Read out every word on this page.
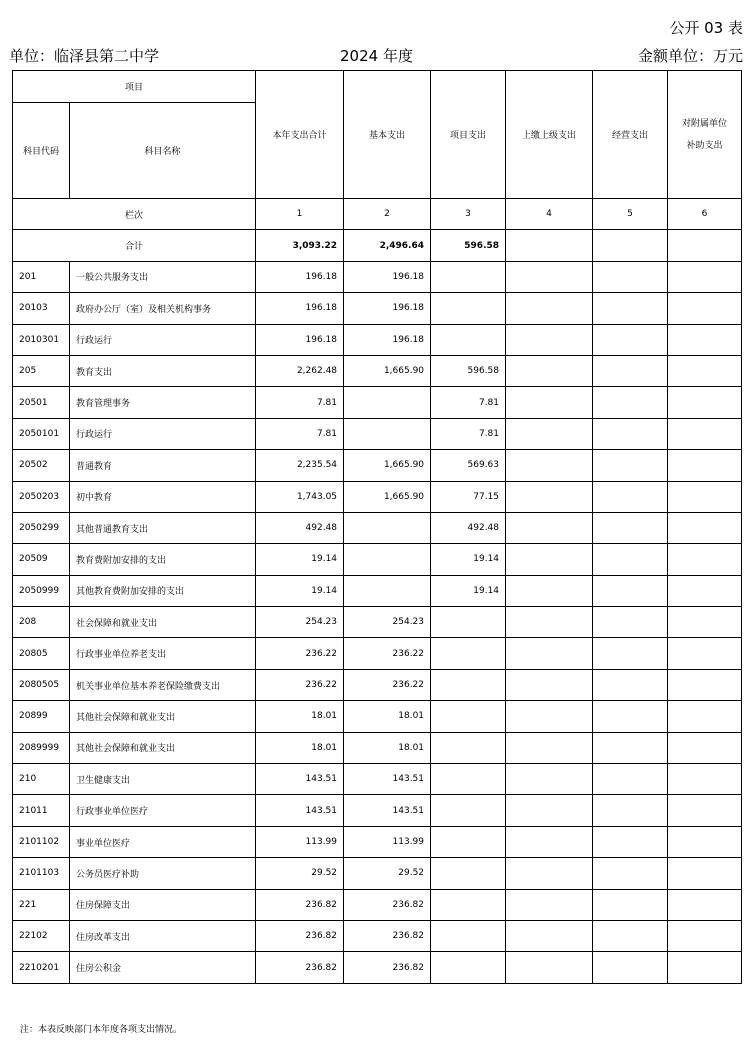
公开 03 表
单位：临泽县第二中学	2024 年度	金额单位：万元
项目		本年支出合计	基本支出	项目支出	上缴上级支出	经营支出	对附属单位
补助支出

科目代码	科目名称						
栏次		1	2	3	4	5	6
合计		3,093.22	2,496.64	596.58			
201	一般公共服务支出	196.18	196.18				
20103	政府办公厅（室）及相关机构事务	196.18	196.18				
2010301	行政运行	196.18	196.18				
205	教育支出	2,262.48	1,665.90	596.58			
20501	教育管理事务	7.81		7.81			
2050101	行政运行	7.81		7.81			
20502	普通教育	2,235.54	1,665.90	569.63			
2050203	初中教育	1,743.05	1,665.90	77.15			
2050299	其他普通教育支出	492.48		492.48			
20509	教育费附加安排的支出	19.14		19.14			
2050999	其他教育费附加安排的支出	19.14		19.14			
208	社会保障和就业支出	254.23	254.23				
20805	行政事业单位养老支出	236.22	236.22				
2080505	机关事业单位基本养老保险缴费支出	236.22	236.22				
20899	其他社会保障和就业支出	18.01	18.01				
2089999	其他社会保障和就业支出	18.01	18.01				
210	卫生健康支出	143.51	143.51				
21011	行政事业单位医疗	143.51	143.51				
2101102	事业单位医疗	113.99	113.99				
2101103	公务员医疗补助	29.52	29.52				
221	住房保障支出	236.82	236.82				
22102	住房改革支出	236.82	236.82				
2210201	住房公积金	236.82	236.82				
注：本表反映部门本年度各项支出情况。
